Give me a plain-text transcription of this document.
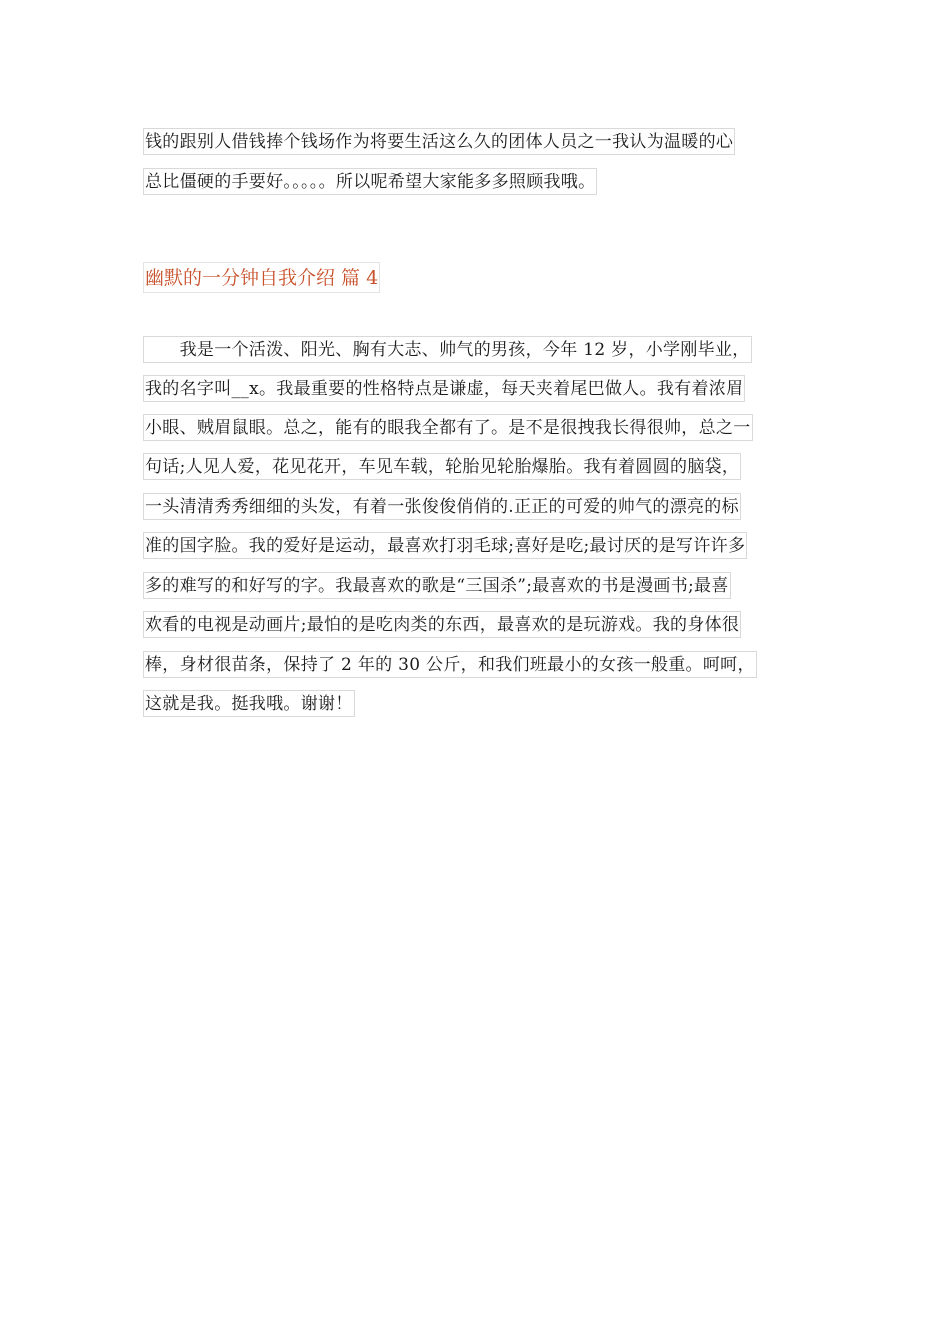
钱的跟别人借钱捧个钱场作为将要生活这么久的团体人员之一我认为温暖的心
总比僵硬的手要好。。。。。所以呢希望大家能多多照顾我哦。
幽默的一分钟自我介绍 篇 4
　　我是一个活泼、阳光、胸有大志、帅气的男孩，今年 12 岁，小学刚毕业，
我的名字叫__x。我最重要的性格特点是谦虚，每天夹着尾巴做人。我有着浓眉
小眼、贼眉鼠眼。总之，能有的眼我全都有了。是不是很拽我长得很帅，总之一
句话;人见人爱，花见花开，车见车载，轮胎见轮胎爆胎。我有着圆圆的脑袋，
一头清清秀秀细细的头发，有着一张俊俊俏俏的.正正的可爱的帅气的漂亮的标
准的国字脸。我的爱好是运动，最喜欢打羽毛球;喜好是吃;最讨厌的是写许许多
多的难写的和好写的字。我最喜欢的歌是“三国杀”;最喜欢的书是漫画书;最喜
欢看的电视是动画片;最怕的是吃肉类的东西，最喜欢的是玩游戏。我的身体很
棒，身材很苗条，保持了 2 年的 30 公斤，和我们班最小的女孩一般重。呵呵，
这就是我。挺我哦。谢谢！
